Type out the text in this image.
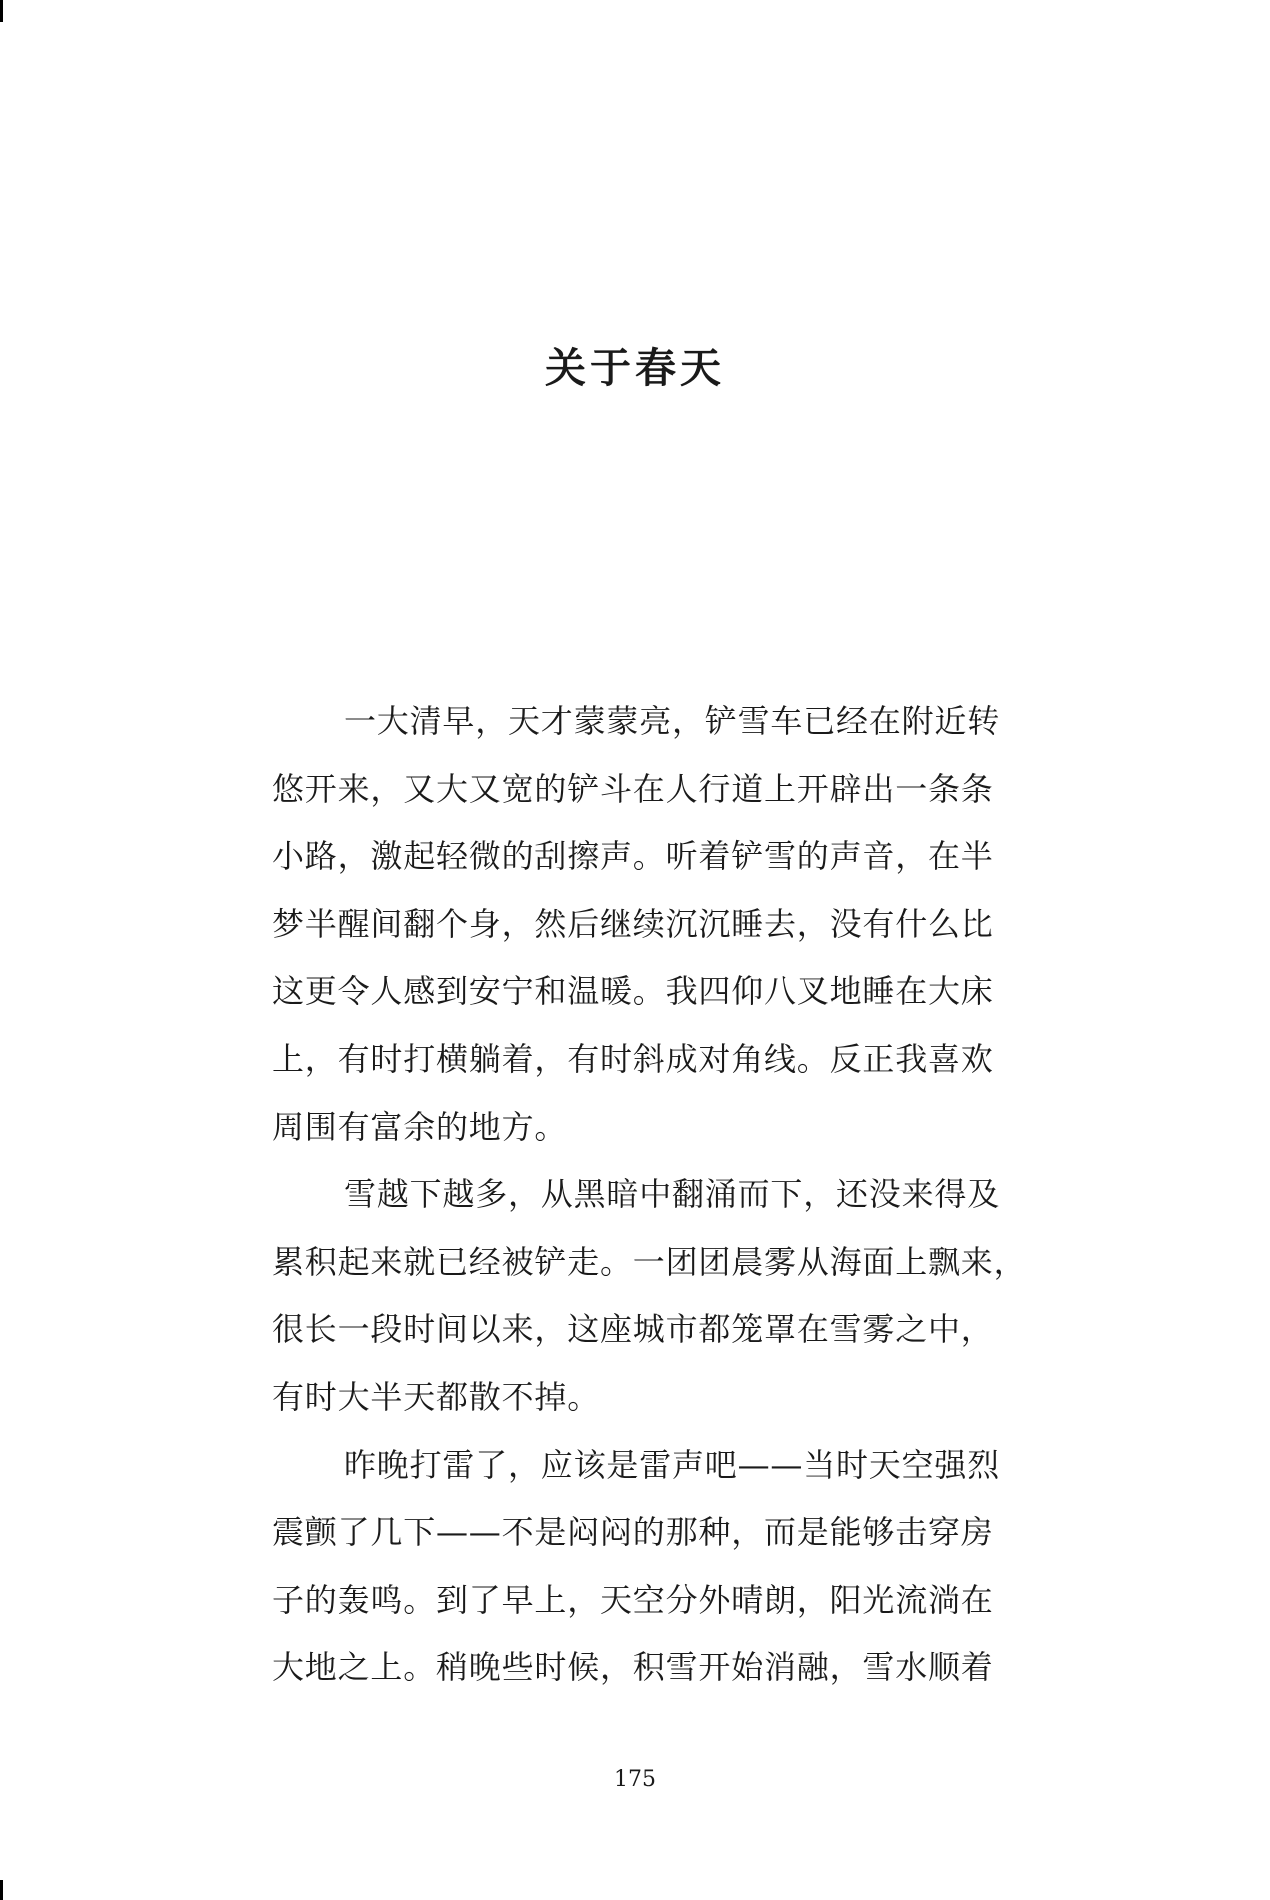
关于春天
一大清早，天才蒙蒙亮，铲雪车已经在附近转
悠开来，又大又宽的铲斗在人行道上开辟出一条条
小路，激起轻微的刮擦声。听着铲雪的声音，在半
梦半醒间翻个身，然后继续沉沉睡去，没有什么比
这更令人感到安宁和温暖。我四仰八叉地睡在大床
上，有时打横躺着，有时斜成对角线。反正我喜欢
周围有富余的地方。
雪越下越多，从黑暗中翻涌而下，还没来得及
累积起来就已经被铲走。一团团晨雾从海面上飘来，
很长一段时间以来，这座城市都笼罩在雪雾之中，
有时大半天都散不掉。
昨晚打雷了，应该是雷声吧——当时天空强烈
震颤了几下——不是闷闷的那种，而是能够击穿房
子的轰鸣。到了早上，天空分外晴朗，阳光流淌在
大地之上。稍晚些时候，积雪开始消融，雪水顺着
175
